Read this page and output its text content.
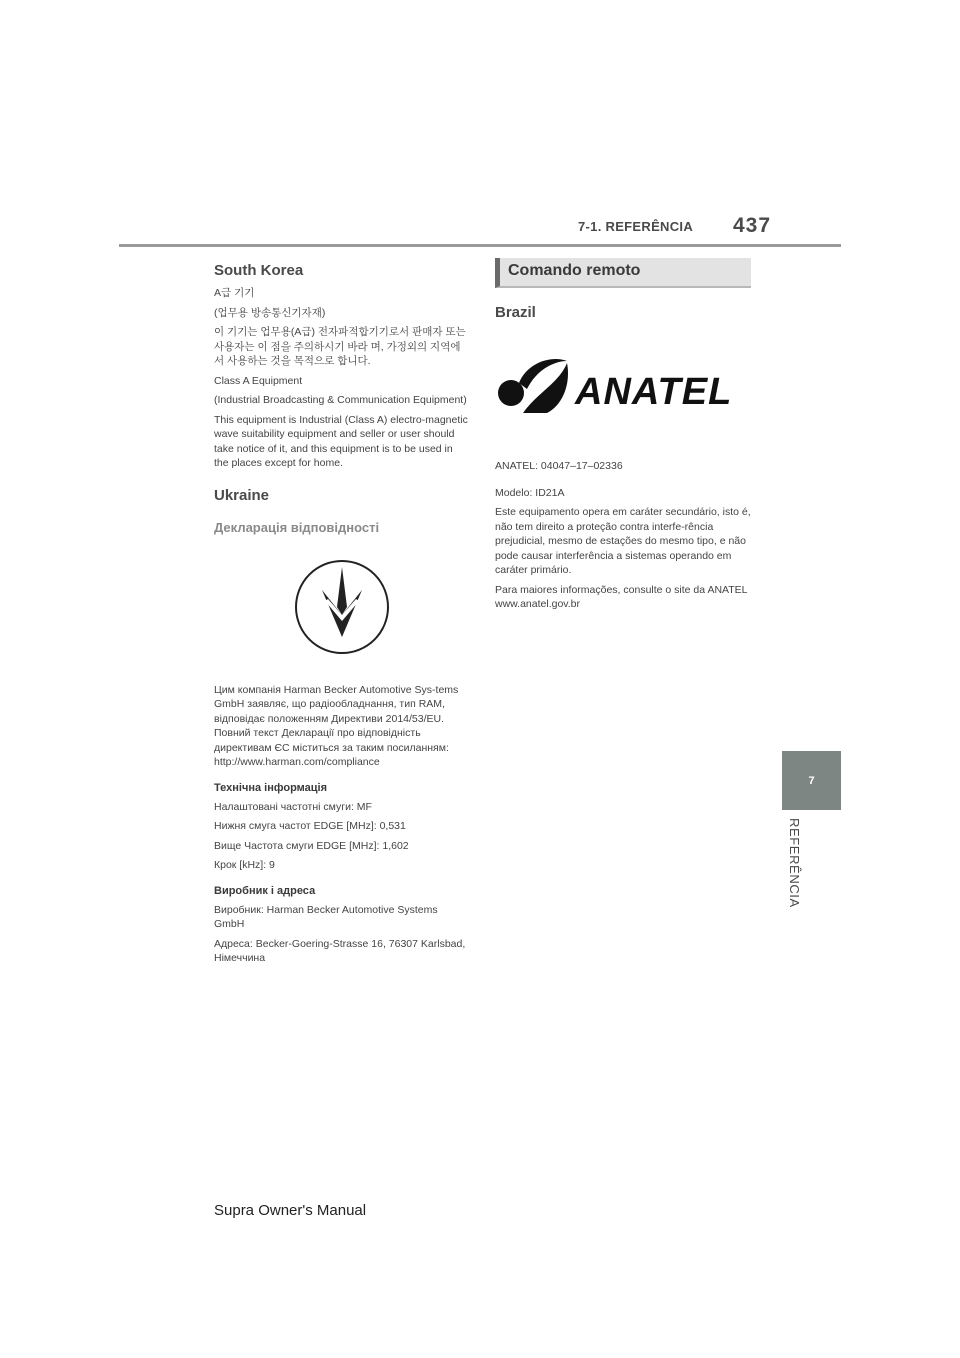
7-1. REFERÊNCIA 437
7
REFERÊNCIA
South Korea

A급 기기

(업무용 방송통신기자재)

이 기기는 업무용(A급) 전자파적합기기로서 판매자 또는 사용자는 이 점을 주의하시기 바라 며, 가정외의 지역에서 사용하는 것을 목적으로 합니다.

Class A Equipment

(Industrial Broadcasting & Communication Equipment)

This equipment is Industrial (Class A) electro-magnetic wave suitability equipment and seller or user should take notice of it, and this equipment is to be used in the places except for home.

Ukraine
Декларація відповідності

Цим компанія Harman Becker Automotive Sys-tems GmbH заявляє, що радіообладнання, тип RAM, відповідає положенням Директиви 2014/53/EU. Повний текст Декларації про відповідність директивам ЄС міститься за таким посиланням: http://www.harman.com/compliance

Технічна інформація

Налаштовані частотні смуги: MF

Нижня смуга частот EDGE [MHz]: 0,531

Вище Частота смуги EDGE [MHz]: 1,602

Крок [kHz]: 9

Виробник і адреса

Виробник: Harman Becker Automotive Systems GmbH

Адреса: Becker-Goering-Strasse 16, 76307 Karlsbad, Німеччина

Comando remoto
Brazil
ANATEL

ANATEL: 04047–17–02336

Modelo: ID21A

Este equipamento opera em caráter secundário, isto é, não tem direito a proteção contra interfe-rência prejudicial, mesmo de estações do mesmo tipo, e não pode causar interferência a sistemas operando em caráter primário.

Para maiores informações, consulte o site da ANATEL www.anatel.gov.br

Supra Owner's Manual
